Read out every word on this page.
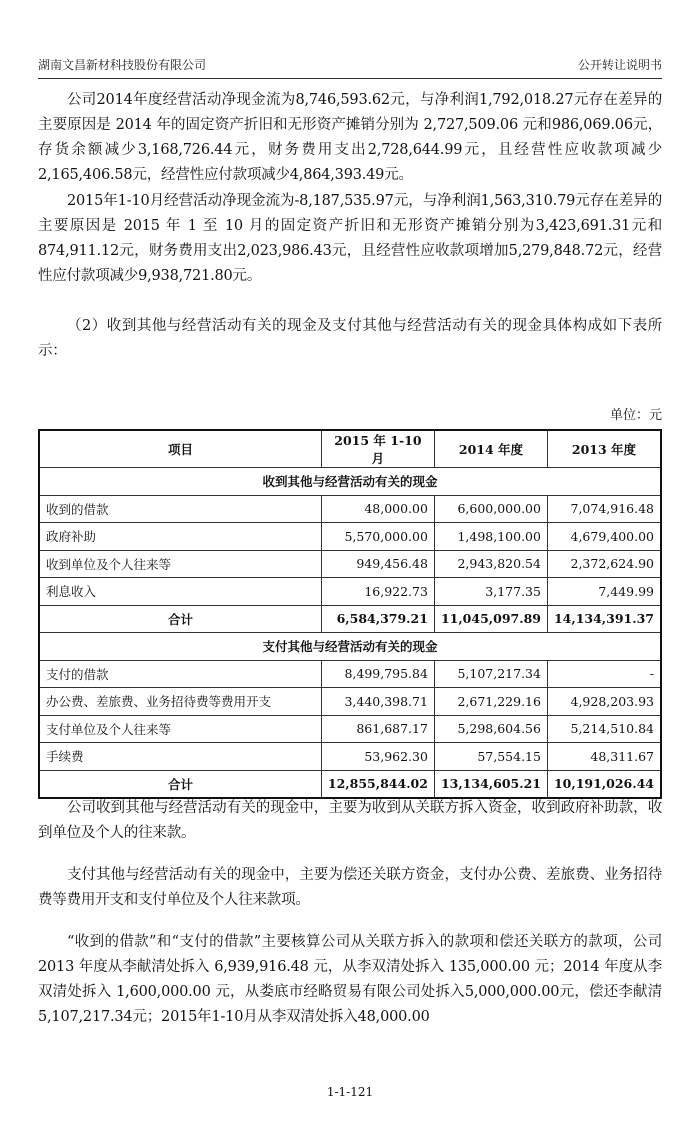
湖南文昌新材科技股份有限公司	公开转让说明书

公司2014年度经营活动净现金流为8,746,593.62元，与净利润1,792,018.27元存在差异的主要原因是 2014 年的固定资产折旧和无形资产摊销分别为 2,727,509.06 元和986,069.06元，存货余额减少3,168,726.44元，财务费用支出2,728,644.99元，且经营性应收款项减少2,165,406.58元，经营性应付款项减少4,864,393.49元。

2015年1-10月经营活动净现金流为-8,187,535.97元，与净利润1,563,310.79元存在差异的主要原因是 2015 年 1 至 10 月的固定资产折旧和无形资产摊销分别为3,423,691.31元和874,911.12元，财务费用支出2,023,986.43元，且经营性应收款项增加5,279,848.72元，经营性应付款项减少9,938,721.80元。

（2）收到其他与经营活动有关的现金及支付其他与经营活动有关的现金具体构成如下表所示：

单位：元
项目	2015 年 1-10 月	2014 年度	2013 年度
收到其他与经营活动有关的现金			
收到的借款	48,000.00	6,600,000.00	7,074,916.48
政府补助	5,570,000.00	1,498,100.00	4,679,400.00
收到单位及个人往来等	949,456.48	2,943,820.54	2,372,624.90
利息收入	16,922.73	3,177.35	7,449.99
合计	6,584,379.21	11,045,097.89	14,134,391.37
支付其他与经营活动有关的现金			
支付的借款	8,499,795.84	5,107,217.34	-
办公费、差旅费、业务招待费等费用开支	3,440,398.71	2,671,229.16	4,928,203.93
支付单位及个人往来等	861,687.17	5,298,604.56	5,214,510.84
手续费	53,962.30	57,554.15	48,311.67
合计	12,855,844.02	13,134,605.21	10,191,026.44

公司收到其他与经营活动有关的现金中，主要为收到从关联方拆入资金，收到政府补助款，收到单位及个人的往来款。

支付其他与经营活动有关的现金中，主要为偿还关联方资金，支付办公费、差旅费、业务招待费等费用开支和支付单位及个人往来款项。

“收到的借款”和“支付的借款”主要核算公司从关联方拆入的款项和偿还关联方的款项，公司 2013 年度从李献清处拆入 6,939,916.48 元，从李双清处拆入 135,000.00 元；2014 年度从李双清处拆入 1,600,000.00 元，从娄底市经略贸易有限公司处拆入5,000,000.00元，偿还李献清5,107,217.34元；2015年1-10月从李双清处拆入48,000.00

1-1-121
